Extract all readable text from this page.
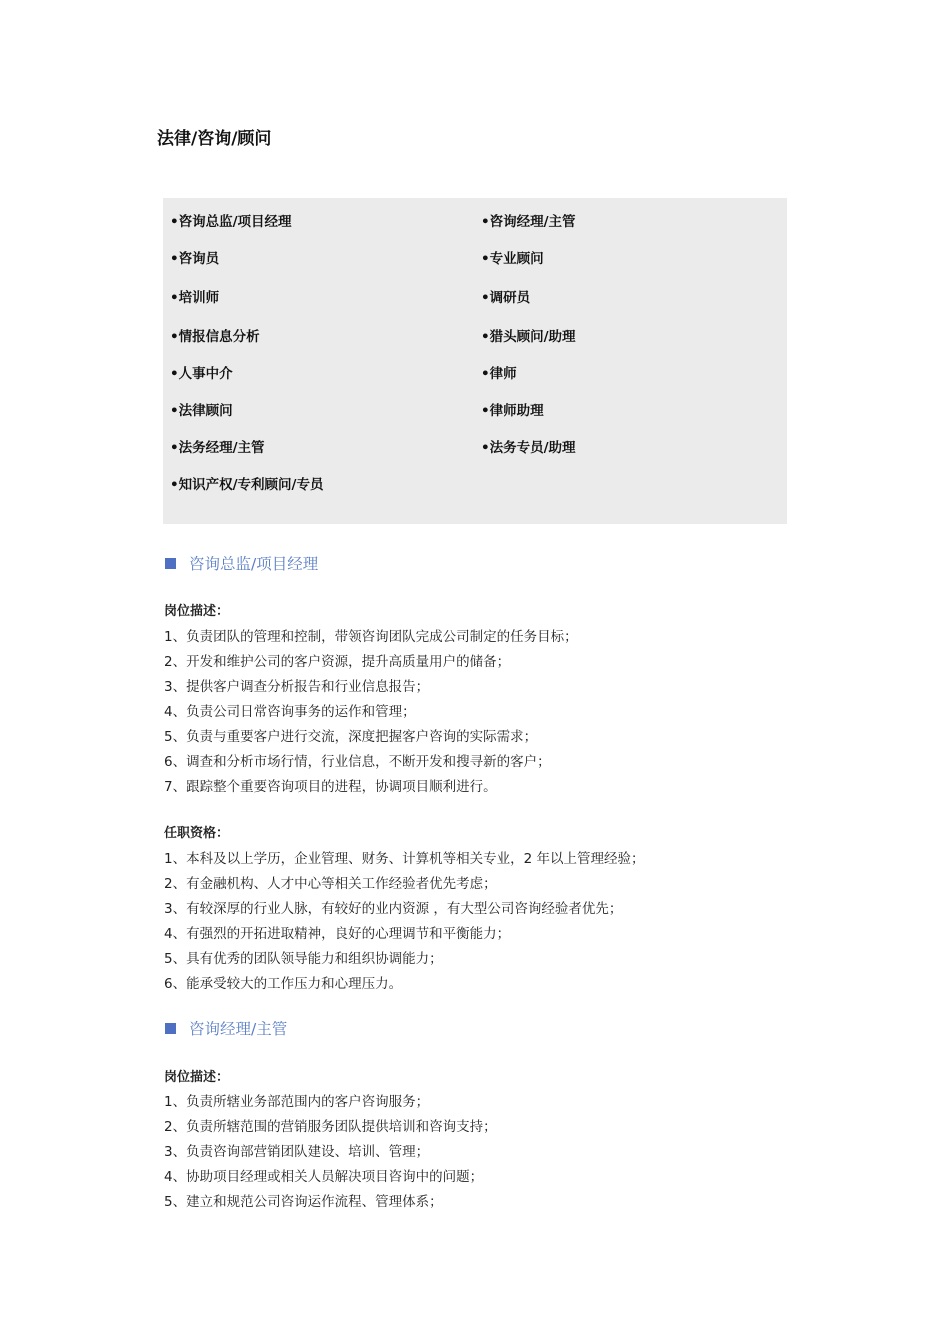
法律/咨询/顾问
•咨询总监/项目经理	•咨询经理/主管
•咨询员	•专业顾问
•培训师	•调研员
•情报信息分析	•猎头顾问/助理
•人事中介	•律师
•法律顾问	•律师助理
•法务经理/主管	•法务专员/助理
•知识产权/专利顾问/专员
咨询总监/项目经理
岗位描述：
1、负责团队的管理和控制，带领咨询团队完成公司制定的任务目标；
2、开发和维护公司的客户资源，提升高质量用户的储备；
3、提供客户调查分析报告和行业信息报告；
4、负责公司日常咨询事务的运作和管理；
5、负责与重要客户进行交流，深度把握客户咨询的实际需求；
6、调查和分析市场行情，行业信息，不断开发和搜寻新的客户；
7、跟踪整个重要咨询项目的进程，协调项目顺利进行。
任职资格：
1、本科及以上学历，企业管理、财务、计算机等相关专业，2 年以上管理经验；
2、有金融机构、人才中心等相关工作经验者优先考虑；
3、有较深厚的行业人脉，有较好的业内资源 ，有大型公司咨询经验者优先；
4、有强烈的开拓进取精神，良好的心理调节和平衡能力；
5、具有优秀的团队领导能力和组织协调能力；
6、能承受较大的工作压力和心理压力。
咨询经理/主管
岗位描述：
1、负责所辖业务部范围内的客户咨询服务；
2、负责所辖范围的营销服务团队提供培训和咨询支持；
3、负责咨询部营销团队建设、培训、管理；
4、协助项目经理或相关人员解决项目咨询中的问题；
5、建立和规范公司咨询运作流程、管理体系；
